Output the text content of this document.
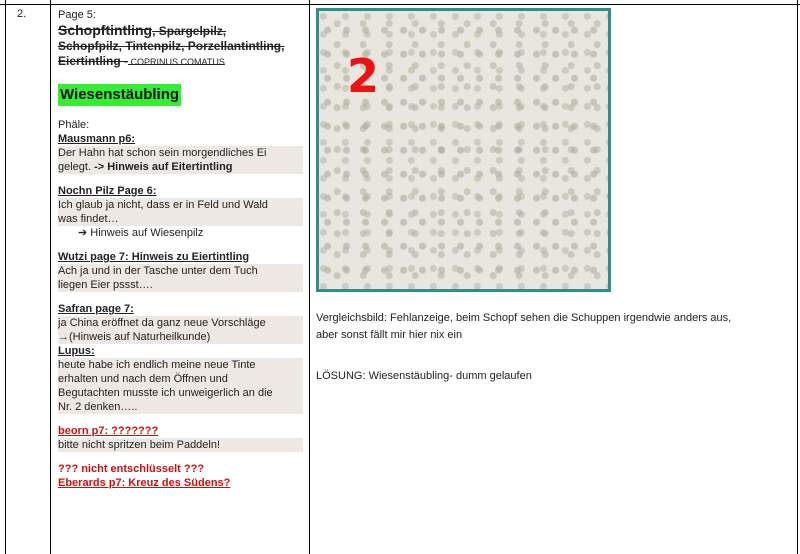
2.	Page 5:
Schopftintling, Spargelpilz,
Schopfpilz, Tintenpilz, Porzellantintling,
Eiertintling - COPRINUS COMATUS
Wiesenstäubling
Phäle:
Mausmann p6:
Der Hahn hat schon sein morgendliches Ei
gelegt. -> Hinweis auf Eitertintling
Nochn Pilz Page 6:
Ich glaub ja nicht, dass er in Feld und Wald
was findet…
➔ Hinweis auf Wiesenpilz
Wutzi page 7: Hinweis zu Eiertintling
Ach ja und in der Tasche unter dem Tuch
liegen Eier pssst….
Safran page 7:
ja China eröffnet da ganz neue Vorschläge
→(Hinweis auf Naturheilkunde)
Lupus:
heute habe ich endlich meine neue Tinte
erhalten und nach dem Öffnen und
Begutachten musste ich unweigerlich an die
Nr. 2 denken…..
beorn p7: ???????
bitte nicht spritzen beim Paddeln!
??? nicht entschlüsselt ???
Eberards p7: Kreuz des Südens?
2
Vergleichsbild: Fehlanzeige, beim Schopf sehen die Schuppen irgendwie anders aus,
aber sonst fällt mir hier nix ein
LÖSUNG: Wiesenstäubling- dumm gelaufen
